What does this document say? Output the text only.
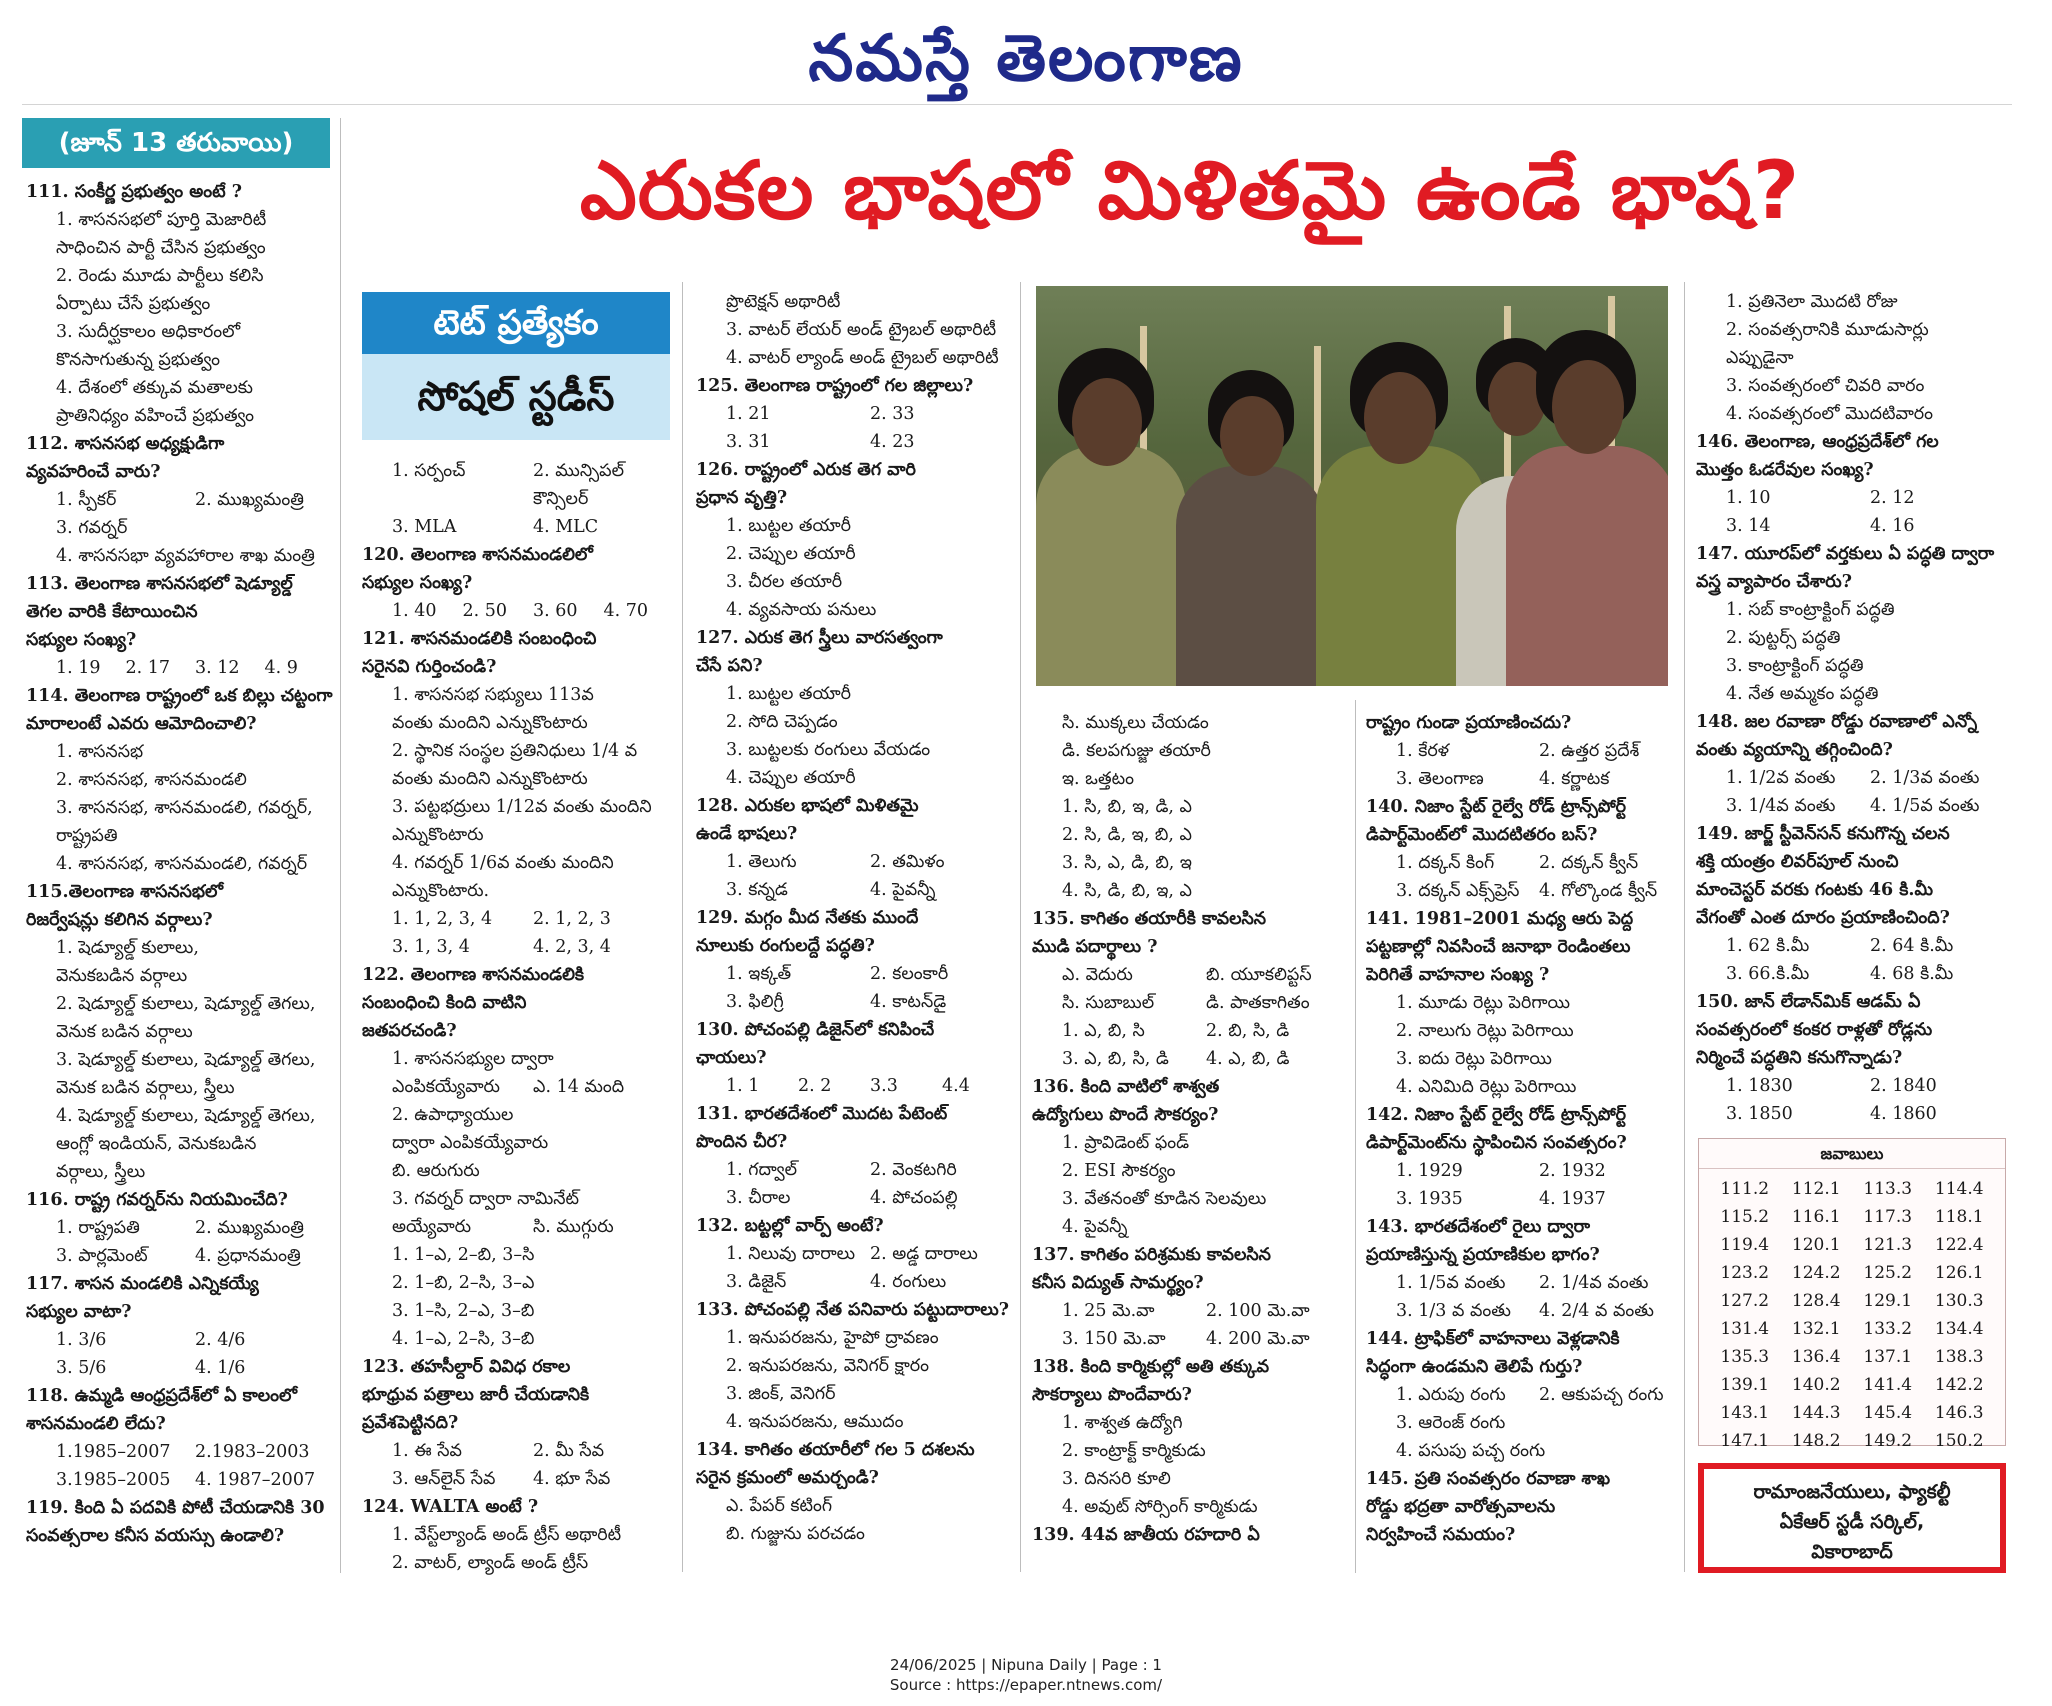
నమస్తే తెలంగాణ
(జూన్ 13 తరువాయి)
ఎరుకల భాషలో మిళితమై ఉండే భాష?
టెట్ ప్రత్యేకం
సోషల్ స్టడీస్
111. సంకీర్ణ ప్రభుత్వం అంటే ?
1. శాసనసభలో పూర్తి మెజారిటీ
సాధించిన పార్టీ చేసిన ప్రభుత్వం
2. రెండు మూడు పార్టీలు కలిసి
ఏర్పాటు చేసే ప్రభుత్వం
3. సుదీర్ఘకాలం అధికారంలో
కొనసాగుతున్న ప్రభుత్వం
4. దేశంలో తక్కువ మతాలకు
ప్రాతినిధ్యం వహించే ప్రభుత్వం
112. శాసనసభ అధ్యక్షుడిగా
వ్యవహరించే వారు?
1. స్పీకర్	2. ముఖ్యమంత్రి
3. గవర్నర్
4. శాసనసభా వ్యవహారాల శాఖ మంత్రి
113. తెలంగాణ శాసనసభలో షెడ్యూల్డ్
తెగల వారికి కేటాయించిన
సభ్యుల సంఖ్య?
1. 19	2. 17	3. 12	4. 9
114. తెలంగాణ రాష్ట్రంలో ఒక బిల్లు చట్టంగా
మారాలంటే ఎవరు ఆమోదించాలి?
1. శాసనసభ
2. శాసనసభ, శాసనమండలి
3. శాసనసభ, శాసనమండలి, గవర్నర్,
రాష్ట్రపతి
4. శాసనసభ, శాసనమండలి, గవర్నర్
115.తెలంగాణ శాసనసభలో
రిజర్వేషన్లు కలిగిన వర్గాలు?
1. షెడ్యూల్డ్ కులాలు,
వెనుకబడిన వర్గాలు
2. షెడ్యూల్డ్ కులాలు, షెడ్యూల్డ్ తెగలు,
వెనుక బడిన వర్గాలు
3. షెడ్యూల్డ్ కులాలు, షెడ్యూల్డ్ తెగలు,
వెనుక బడిన వర్గాలు, స్త్రీలు
4. షెడ్యూల్డ్ కులాలు, షెడ్యూల్డ్ తెగలు,
ఆంగ్లో ఇండియన్, వెనుకబడిన
వర్గాలు, స్త్రీలు
116. రాష్ట్ర గవర్నర్‌ను నియమించేది?
1. రాష్ట్రపతి	2. ముఖ్యమంత్రి
3. పార్లమెంట్	4. ప్రధానమంత్రి
117. శాసన మండలికి ఎన్నికయ్యే
సభ్యుల వాటా?
1. 3/6	2. 4/6
3. 5/6	4. 1/6
118. ఉమ్మడి ఆంధ్రప్రదేశ్‌లో ఏ కాలంలో
శాసనమండలి లేదు?
1.1985–2007	2.1983–2003
3.1985–2005	4. 1987–2007
119. కింది ఏ పదవికి పోటీ చేయడానికి 30
సంవత్సరాల కనీస వయస్సు ఉండాలి?
1. సర్పంచ్	2. మున్సిపల్ కౌన్సిలర్
3. MLA	4. MLC
120. తెలంగాణ శాసనమండలిలో
సభ్యుల సంఖ్య?
1. 40	2. 50	3. 60	4. 70
121. శాసనమండలికి సంబంధించి
సరైనవి గుర్తించండి?
1. శాసనసభ సభ్యులు 113వ
వంతు మందిని ఎన్నుకొంటారు
2. స్థానిక సంస్థల ప్రతినిధులు 1/4 వ
వంతు మందిని ఎన్నుకొంటారు
3. పట్టభద్రులు 1/12వ వంతు మందిని
ఎన్నుకొంటారు
4. గవర్నర్ 1/6వ వంతు మందిని
ఎన్నుకొంటారు.
1. 1, 2, 3, 4	2. 1, 2, 3
3. 1, 3, 4	4. 2, 3, 4
122. తెలంగాణ శాసనమండలికి
సంబంధించి కింది వాటిని
జతపరచండి?
1. శాసనసభ్యుల ద్వారా
ఎంపికయ్యేవారు	ఎ. 14 మంది
2. ఉపాధ్యాయుల
ద్వారా ఎంపికయ్యేవారు
బి. ఆరుగురు
3. గవర్నర్ ద్వారా నామినేట్
అయ్యేవారు	సి. ముగ్గురు
1. 1–ఎ, 2–బి, 3–సి
2. 1–బి, 2–సి, 3–ఎ
3. 1–సి, 2–ఎ, 3–బి
4. 1–ఎ, 2–సి, 3–బి
123. తహసీల్దార్ వివిధ రకాల
భూధ్రువ పత్రాలు జారీ చేయడానికి
ప్రవేశపెట్టినది?
1. ఈ సేవ	2. మీ సేవ
3. ఆన్‌లైన్ సేవ	4. భూ సేవ
124. WALTA అంటే ?
1. వేస్ట్‌ల్యాండ్ అండ్ ట్రీస్ అథారిటీ
2. వాటర్, ల్యాండ్ అండ్ ట్రీస్
ప్రొటెక్షన్ అథారిటీ
3. వాటర్ లేయర్ అండ్ ట్రైబల్ అథారిటీ
4. వాటర్ ల్యాండ్ అండ్ ట్రైబల్ అథారిటీ
125. తెలంగాణ రాష్ట్రంలో గల జిల్లాలు?
1. 21	2. 33
3. 31	4. 23
126. రాష్ట్రంలో ఎరుక తెగ వారి
ప్రధాన వృత్తి?
1. బుట్టల తయారీ
2. చెప్పుల తయారీ
3. చీరల తయారీ
4. వ్యవసాయ పనులు
127. ఎరుక తెగ స్త్రీలు వారసత్వంగా
చేసే పని?
1. బుట్టల తయారీ
2. సోది చెప్పడం
3. బుట్టలకు రంగులు వేయడం
4. చెప్పుల తయారీ
128. ఎరుకల భాషలో మిళితమై
ఉండే భాషలు?
1. తెలుగు	2. తమిళం
3. కన్నడ	4. పైవన్నీ
129. మగ్గం మీద నేతకు ముందే
నూలుకు రంగులద్దే పద్ధతి?
1. ఇక్కత్	2. కలంకారీ
3. ఫిలిగ్రీ	4. కాటన్‌డై
130. పోచంపల్లి డిజైన్‌లో కనిపించే
ఛాయలు?
1. 1	2. 2	3.3	4.4
131. భారతదేశంలో మొదట పేటెంట్
పొందిన చీర?
1. గద్వాల్	2. వెంకటగిరి
3. చీరాల	4. పోచంపల్లి
132. బట్టల్లో వార్ప్ అంటే?
1. నిలువు దారాలు 2. అడ్డ దారాలు
3. డిజైన్	4. రంగులు
133. పోచంపల్లి నేత పనివారు పట్టుదారాలు?
1. ఇనుపరజను, హైపో ద్రావణం
2. ఇనుపరజను, వెనిగర్ క్షారం
3. జింక్, వెనిగర్
4. ఇనుపరజను, ఆముదం
134. కాగితం తయారీలో గల 5 దశలను
సరైన క్రమంలో అమర్చండి?
ఎ. పేపర్ కటింగ్
బి. గుజ్జును పరచడం
సి. ముక్కలు చేయడం
డి. కలపగుజ్జు తయారీ
ఇ. ఒత్తటం
1. సి, బి, ఇ, డి, ఎ
2. సి, డి, ఇ, బి, ఎ
3. సి, ఎ, డి, బి, ఇ
4. సి, డి, బి, ఇ, ఎ
135. కాగితం తయారీకి కావలసిన
ముడి పదార్థాలు ?
ఎ. వెదురు	బి. యూకలిప్టస్
సి. సుబాబుల్	డి. పాతకాగితం
1. ఎ, బి, సి	2. బి, సి, డి
3. ఎ, బి, సి, డి	4. ఎ, బి, డి
136. కింది వాటిలో శాశ్వత
ఉద్యోగులు పొందే సౌకర్యం?
1. ప్రావిడెంట్ ఫండ్
2. ESI సౌకర్యం
3. వేతనంతో కూడిన సెలవులు
4. పైవన్నీ
137. కాగితం పరిశ్రమకు కావలసిన
కనీస విద్యుత్ సామర్థ్యం?
1. 25 మె.వా	2. 100 మె.వా
3. 150 మె.వా	4. 200 మె.వా
138. కింది కార్మికుల్లో అతి తక్కువ
సౌకర్యాలు పొందేవారు?
1. శాశ్వత ఉద్యోగి
2. కాంట్రాక్ట్ కార్మికుడు
3. దినసరి కూలి
4. అవుట్ సోర్సింగ్ కార్మికుడు
139. 44వ జాతీయ రహదారి ఏ
రాష్ట్రం గుండా ప్రయాణించదు?
1. కేరళ	2. ఉత్తర ప్రదేశ్
3. తెలంగాణ	4. కర్ణాటక
140. నిజాం స్టేట్ రైల్వే రోడ్ ట్రాన్స్‌పోర్ట్
డిపార్ట్‌మెంట్‌లో మొదటితరం బస్?
1. దక్కన్ కింగ్	2. దక్కన్ క్వీన్
3. దక్కన్ ఎక్స్‌ప్రెస్	4. గోల్కొండ క్వీన్
141. 1981–2001 మధ్య ఆరు పెద్ద
పట్టణాల్లో నివసించే జనాభా రెండింతలు
పెరిగితే వాహనాల సంఖ్య ?
1. మూడు రెట్లు పెరిగాయి
2. నాలుగు రెట్లు పెరిగాయి
3. ఐదు రెట్లు పెరిగాయి
4. ఎనిమిది రెట్లు పెరిగాయి
142. నిజాం స్టేట్ రైల్వే రోడ్ ట్రాన్స్‌పోర్ట్
డిపార్ట్‌మెంట్‌ను స్థాపించిన సంవత్సరం?
1. 1929	2. 1932
3. 1935	4. 1937
143. భారతదేశంలో రైలు ద్వారా
ప్రయాణిస్తున్న ప్రయాణికుల భాగం?
1. 1/5వ వంతు	2. 1/4వ వంతు
3. 1/3 వ వంతు	4. 2/4 వ వంతు
144. ట్రాఫిక్‌లో వాహనాలు వెళ్లడానికి
సిద్ధంగా ఉండమని తెలిపే గుర్తు?
1. ఎరుపు రంగు	2. ఆకుపచ్చ రంగు
3. ఆరెంజ్ రంగు
4. పసుపు పచ్చ రంగు
145. ప్రతి సంవత్సరం రవాణా శాఖ
రోడ్డు భద్రతా వారోత్సవాలను
నిర్వహించే సమయం?
1. ప్రతినెలా మొదటి రోజు
2. సంవత్సరానికి మూడుసార్లు
ఎప్పుడైనా
3. సంవత్సరంలో చివరి వారం
4. సంవత్సరంలో మొదటివారం
146. తెలంగాణ, ఆంధ్రప్రదేశ్‌లో గల
మొత్తం ఓడరేవుల సంఖ్య?
1. 10	2. 12
3. 14	4. 16
147. యూరప్‌లో వర్తకులు ఏ పద్ధతి ద్వారా
వస్త్ర వ్యాపారం చేశారు?
1. సబ్ కాంట్రాక్టింగ్ పద్ధతి
2. పుట్టర్స్ పద్ధతి
3. కాంట్రాక్టింగ్ పద్ధతి
4. నేత అమ్మకం పద్ధతి
148. జల రవాణా రోడ్డు రవాణాలో ఎన్నో
వంతు వ్యయాన్ని తగ్గించింది?
1. 1/2వ వంతు	2. 1/3వ వంతు
3. 1/4వ వంతు	4. 1/5వ వంతు
149. జార్జ్ స్టీవెన్‌సన్ కనుగొన్న చలన
శక్తి యంత్రం లివర్‌పూల్ నుంచి
మాంచెస్టర్ వరకు గంటకు 46 కి.మీ
వేగంతో ఎంత దూరం ప్రయాణించింది?
1. 62 కి.మీ	2. 64 కి.మీ
3. 66.కి.మీ	4. 68 కి.మీ
150. జాన్ లేడాన్‌మిక్ ఆడమ్ ఏ
సంవత్సరంలో కంకర రాళ్లతో రోడ్లను
నిర్మించే పద్ధతిని కనుగొన్నాడు?
1. 1830	2. 1840
3. 1850	4. 1860
జవాబులు
111.2	112.1	113.3	114.4
115.2	116.1	117.3	118.1
119.4	120.1	121.3	122.4
123.2	124.2	125.2	126.1
127.2	128.4	129.1	130.3
131.4	132.1	133.2	134.4
135.3	136.4	137.1	138.3
139.1	140.2	141.4	142.2
143.1	144.3	145.4	146.3
147.1	148.2	149.2	150.2
రామాంజనేయులు, ఫ్యాకల్టీ
ఏకేఆర్ స్టడీ సర్కిల్,
వికారాబాద్
24/06/2025 | Nipuna Daily | Page : 1
Source : https://epaper.ntnews.com/
